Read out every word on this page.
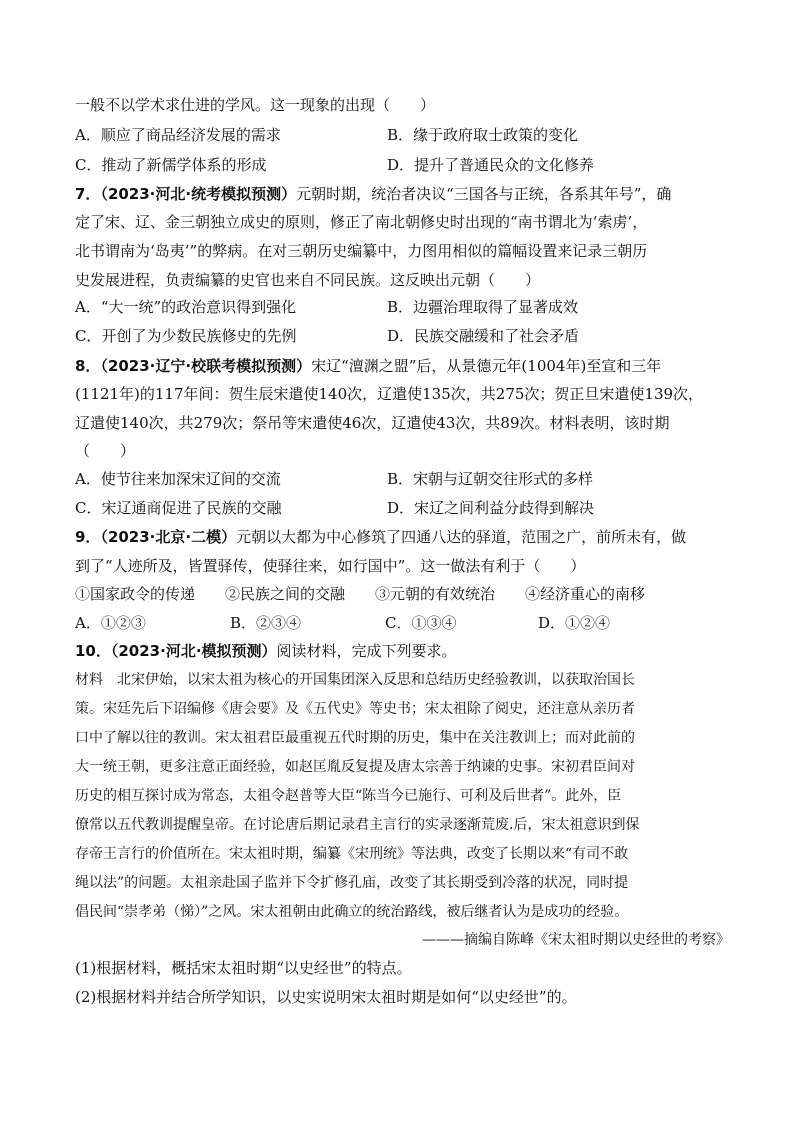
一般不以学术求仕进的学风。这一现象的出现（　　）
A．顺应了商品经济发展的需求	B．缘于政府取士政策的变化
C．推动了新儒学体系的形成	D．提升了普通民众的文化修养
7．（2023·河北·统考模拟预测）元朝时期，统治者决议“三国各与正统，各系其年号”，确
定了宋、辽、金三朝独立成史的原则，修正了南北朝修史时出现的“南书谓北为‘索虏’，
北书谓南为‘岛夷’”的弊病。在对三朝历史编纂中，力图用相似的篇幅设置来记录三朝历
史发展进程，负责编纂的史官也来自不同民族。这反映出元朝（　　）
A．“大一统”的政治意识得到强化	B．边疆治理取得了显著成效
C．开创了为少数民族修史的先例	D．民族交融缓和了社会矛盾
8．（2023·辽宁·校联考模拟预测）宋辽“澶渊之盟”后，从景德元年(1004年)至宣和三年
(1121年)的117年间：贺生辰宋遣使140次，辽遣使135次，共275次；贺正旦宋遣使139次，
辽遣使140次，共279次；祭吊等宋遣使46次，辽遣使43次，共89次。材料表明，该时期
（　　）
A．使节往来加深宋辽间的交流	B．宋朝与辽朝交往形式的多样
C．宋辽通商促进了民族的交融	D．宋辽之间利益分歧得到解决
9．（2023·北京·二模）元朝以大都为中心修筑了四通八达的驿道，范围之广，前所未有，做
到了“人迹所及，皆置驿传，使驿往来，如行国中”。这一做法有利于（　　）
①国家政令的传递　　②民族之间的交融　　③元朝的有效统治　　④经济重心的南移
A．①②③	B．②③④	C．①③④	D．①②④
10．（2023·河北·模拟预测）阅读材料，完成下列要求。
材料　北宋伊始，以宋太祖为核心的开国集团深入反思和总结历史经验教训，以获取治国长
策。宋廷先后下诏编修《唐会要》及《五代史》等史书；宋太祖除了阅史，还注意从亲历者
口中了解以往的教训。宋太祖君臣最重视五代时期的历史，集中在关注教训上；而对此前的
大一统王朝，更多注意正面经验，如赵匡胤反复提及唐太宗善于纳谏的史事。宋初君臣间对
历史的相互探讨成为常态，太祖令赵普等大臣“陈当今已施行、可利及后世者”。此外，臣
僚常以五代教训提醒皇帝。在讨论唐后期记录君主言行的实录逐渐荒废.后，宋太祖意识到保
存帝王言行的价值所在。宋太祖时期，编纂《宋刑统》等法典，改变了长期以来“有司不敢
绳以法”的问题。太祖亲赴国子监并下令扩修孔庙，改变了其长期受到冷落的状况，同时提
倡民间“崇孝弟（悌）”之风。宋太祖朝由此确立的统治路线，被后继者认为是成功的经验。
———摘编自陈峰《宋太祖时期以史经世的考察》
(1)根据材料，概括宋太祖时期“以史经世”的特点。
(2)根据材料并结合所学知识，以史实说明宋太祖时期是如何“以史经世”的。
